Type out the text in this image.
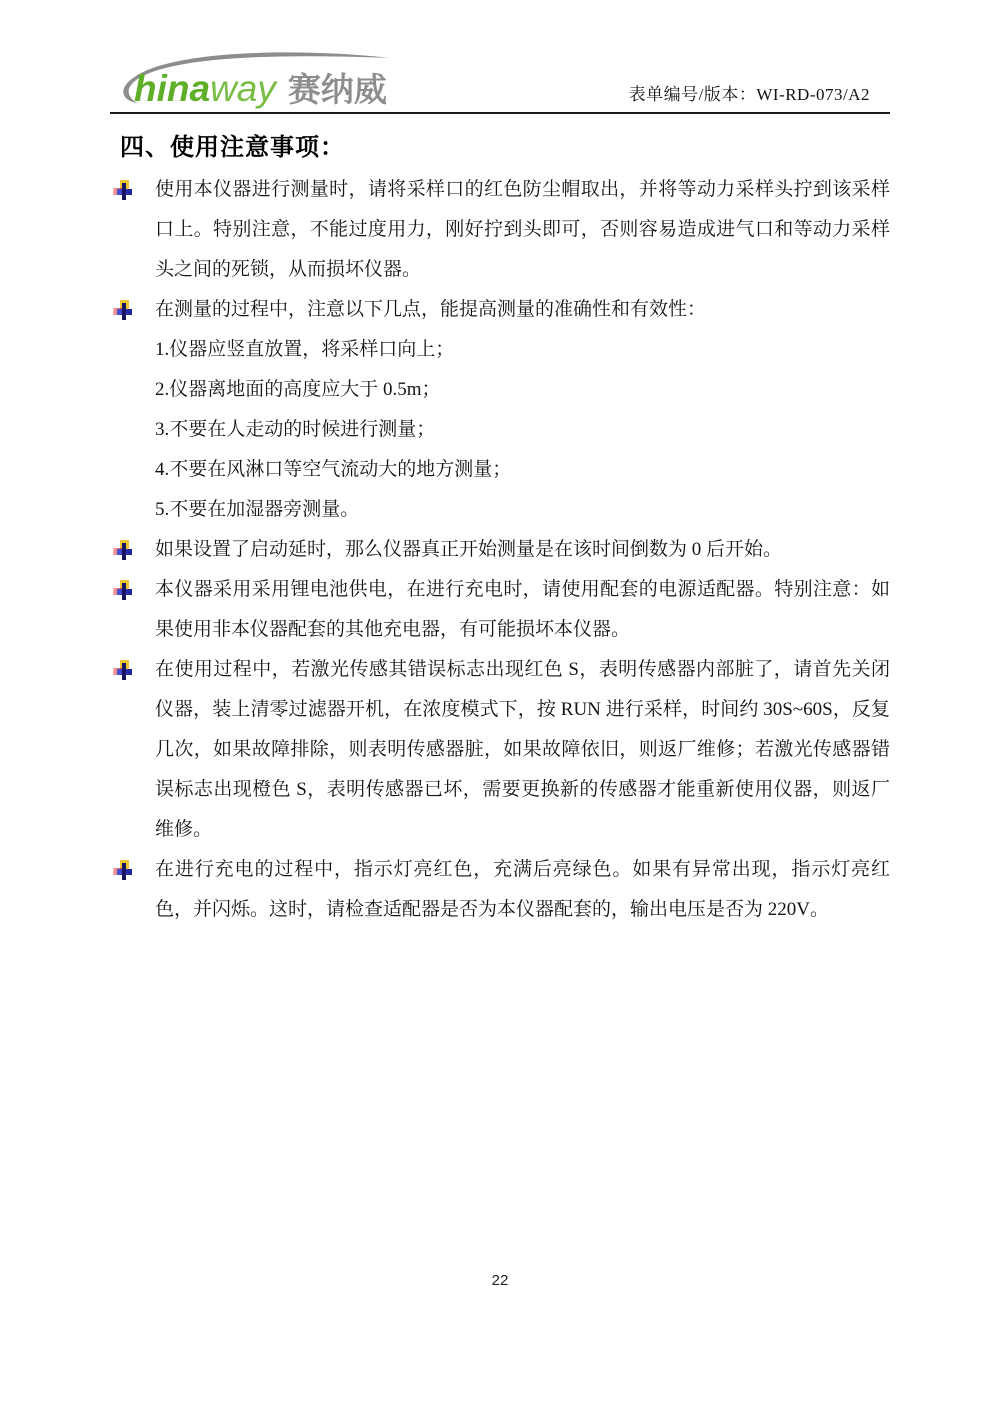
hinaway 赛纳威	表单编号/版本：WI-RD-073/A2
四、使用注意事项：
使用本仪器进行测量时，请将采样口的红色防尘帽取出，并将等动力采样头拧到该采样口上。特别注意，不能过度用力，刚好拧到头即可，否则容易造成进气口和等动力采样头之间的死锁，从而损坏仪器。
在测量的过程中，注意以下几点，能提高测量的准确性和有效性：
1.仪器应竖直放置，将采样口向上；
2.仪器离地面的高度应大于 0.5m；
3.不要在人走动的时候进行测量；
4.不要在风淋口等空气流动大的地方测量；
5.不要在加湿器旁测量。
如果设置了启动延时，那么仪器真正开始测量是在该时间倒数为 0 后开始。
本仪器采用采用锂电池供电，在进行充电时，请使用配套的电源适配器。特别注意：如果使用非本仪器配套的其他充电器，有可能损坏本仪器。
在使用过程中，若激光传感其错误标志出现红色 S，表明传感器内部脏了，请首先关闭仪器，装上清零过滤器开机，在浓度模式下，按 RUN 进行采样，时间约 30S~60S，反复几次，如果故障排除，则表明传感器脏，如果故障依旧，则返厂维修；若激光传感器错误标志出现橙色 S，表明传感器已坏，需要更换新的传感器才能重新使用仪器，则返厂维修。
在进行充电的过程中，指示灯亮红色，充满后亮绿色。如果有异常出现，指示灯亮红色，并闪烁。这时，请检查适配器是否为本仪器配套的，输出电压是否为 220V。
22
